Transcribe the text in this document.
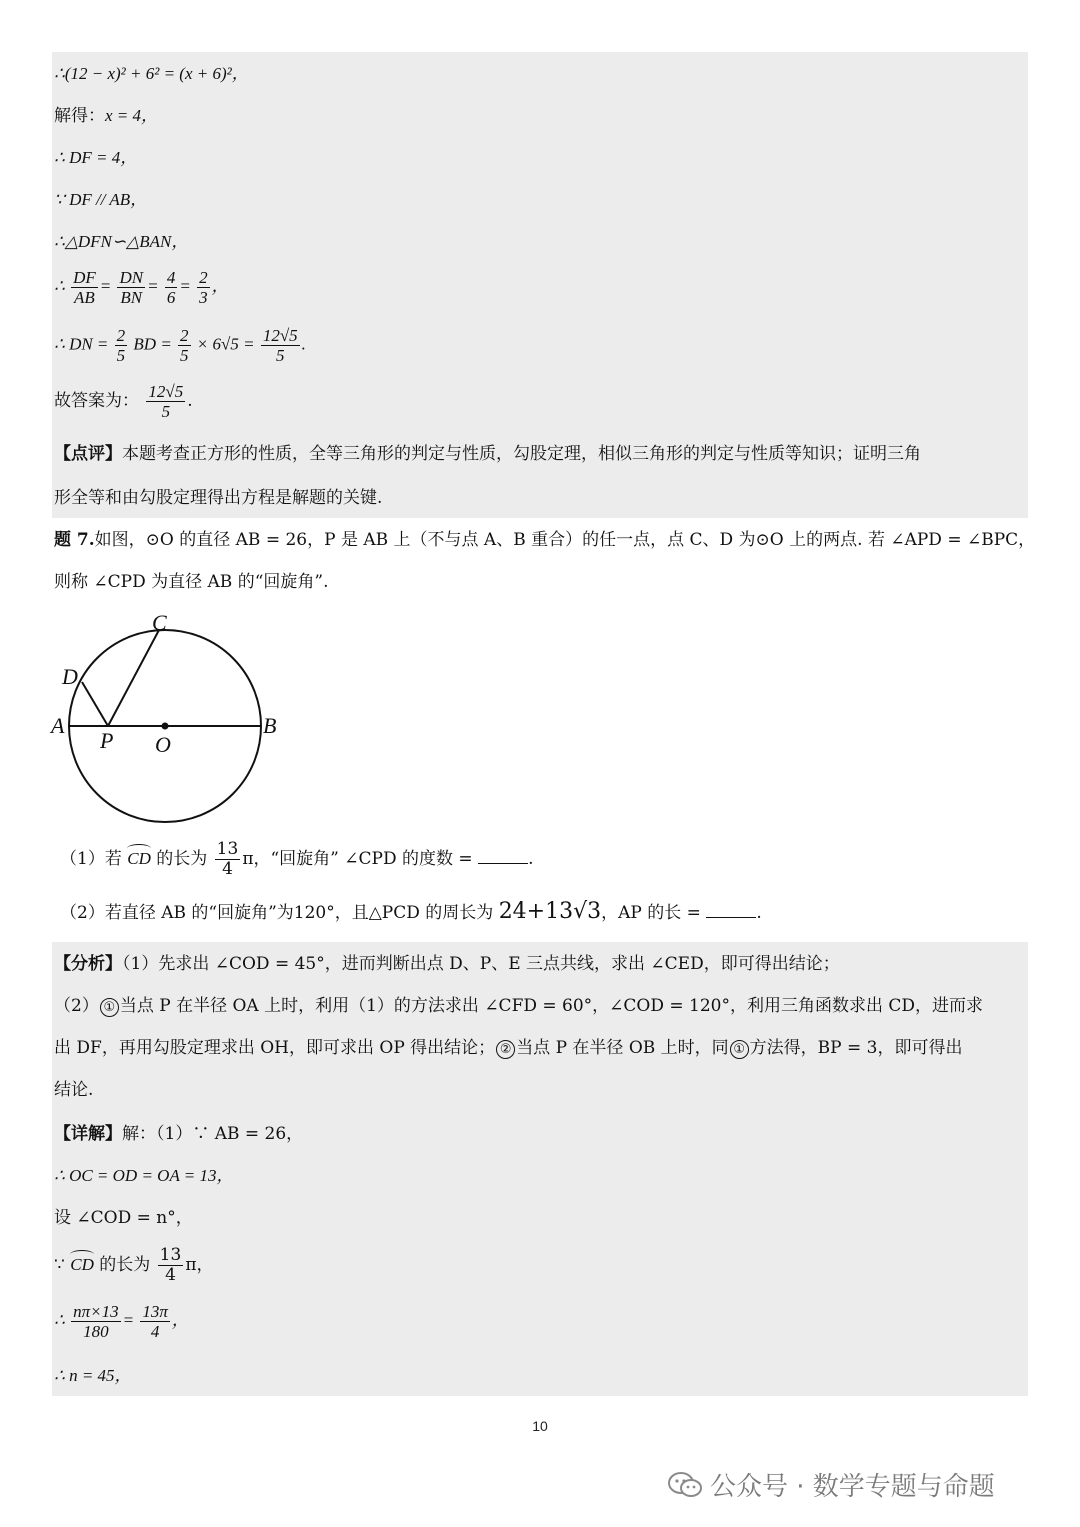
∴(12 − x)² + 6² = (x + 6)²，
解得：x = 4，
∴ DF = 4，
∵ DF // AB，
∴△DFN∽△BAN，
∴ $\frac{DF}{AB} = \frac{DN}{BN} = \frac{4}{6} = \frac{2}{3}$ ，
∴ DN = $\frac{2}{5}$ BD = $\frac{2}{5} \times 6√5 = \frac{12√5}{5}$ .
故答案为： $\frac{12√5}{5}$ .
【点评】本题考查正方形的性质，全等三角形的判定与性质，勾股定理，相似三角形的判定与性质等知识；证明三角
形全等和由勾股定理得出方程是解题的关键.
题 7.如图，⊙O 的直径 AB = 26，P 是 AB 上（不与点 A、B 重合）的任一点，点 C、D 为⊙O 上的两点. 若 ∠APD = ∠BPC，
则称 ∠CPD 为直径 AB 的“回旋角”.
C
D
A	B
P O
（1）若 CD 的长为 $\frac{13}{4}$ π，“回旋角” ∠CPD 的度数 =	.
（2）若直径 AB 的“回旋角”为120°，且△PCD 的周长为 24+13√3，AP 的长 =	.
【分析】（1）先求出 ∠COD = 45°，进而判断出点 D、P、E 三点共线，求出 ∠CED，即可得出结论；
（2） ① 当点 P 在半径 OA 上时，利用（1）的方法求出 ∠CFD = 60°，∠COD = 120°，利用三角函数求出 CD，进而求
出 DF，再用勾股定理求出 OH，即可求出 OP 得出结论； ② 当点 P 在半径 OB 上时，同 ① 方法得，BP = 3，即可得出
结论.
【详解】解：（1）∵ AB = 26，
∴ OC = OD = OA = 13，
设 ∠COD = n°，
∵ CD 的长为 $\frac{13}{4}$ π，
∴ $\frac{n\pi\times 13}{180} = \frac{13\pi}{4}$ ，
∴ n = 45，
10
公众号 · 数学专题与命题
